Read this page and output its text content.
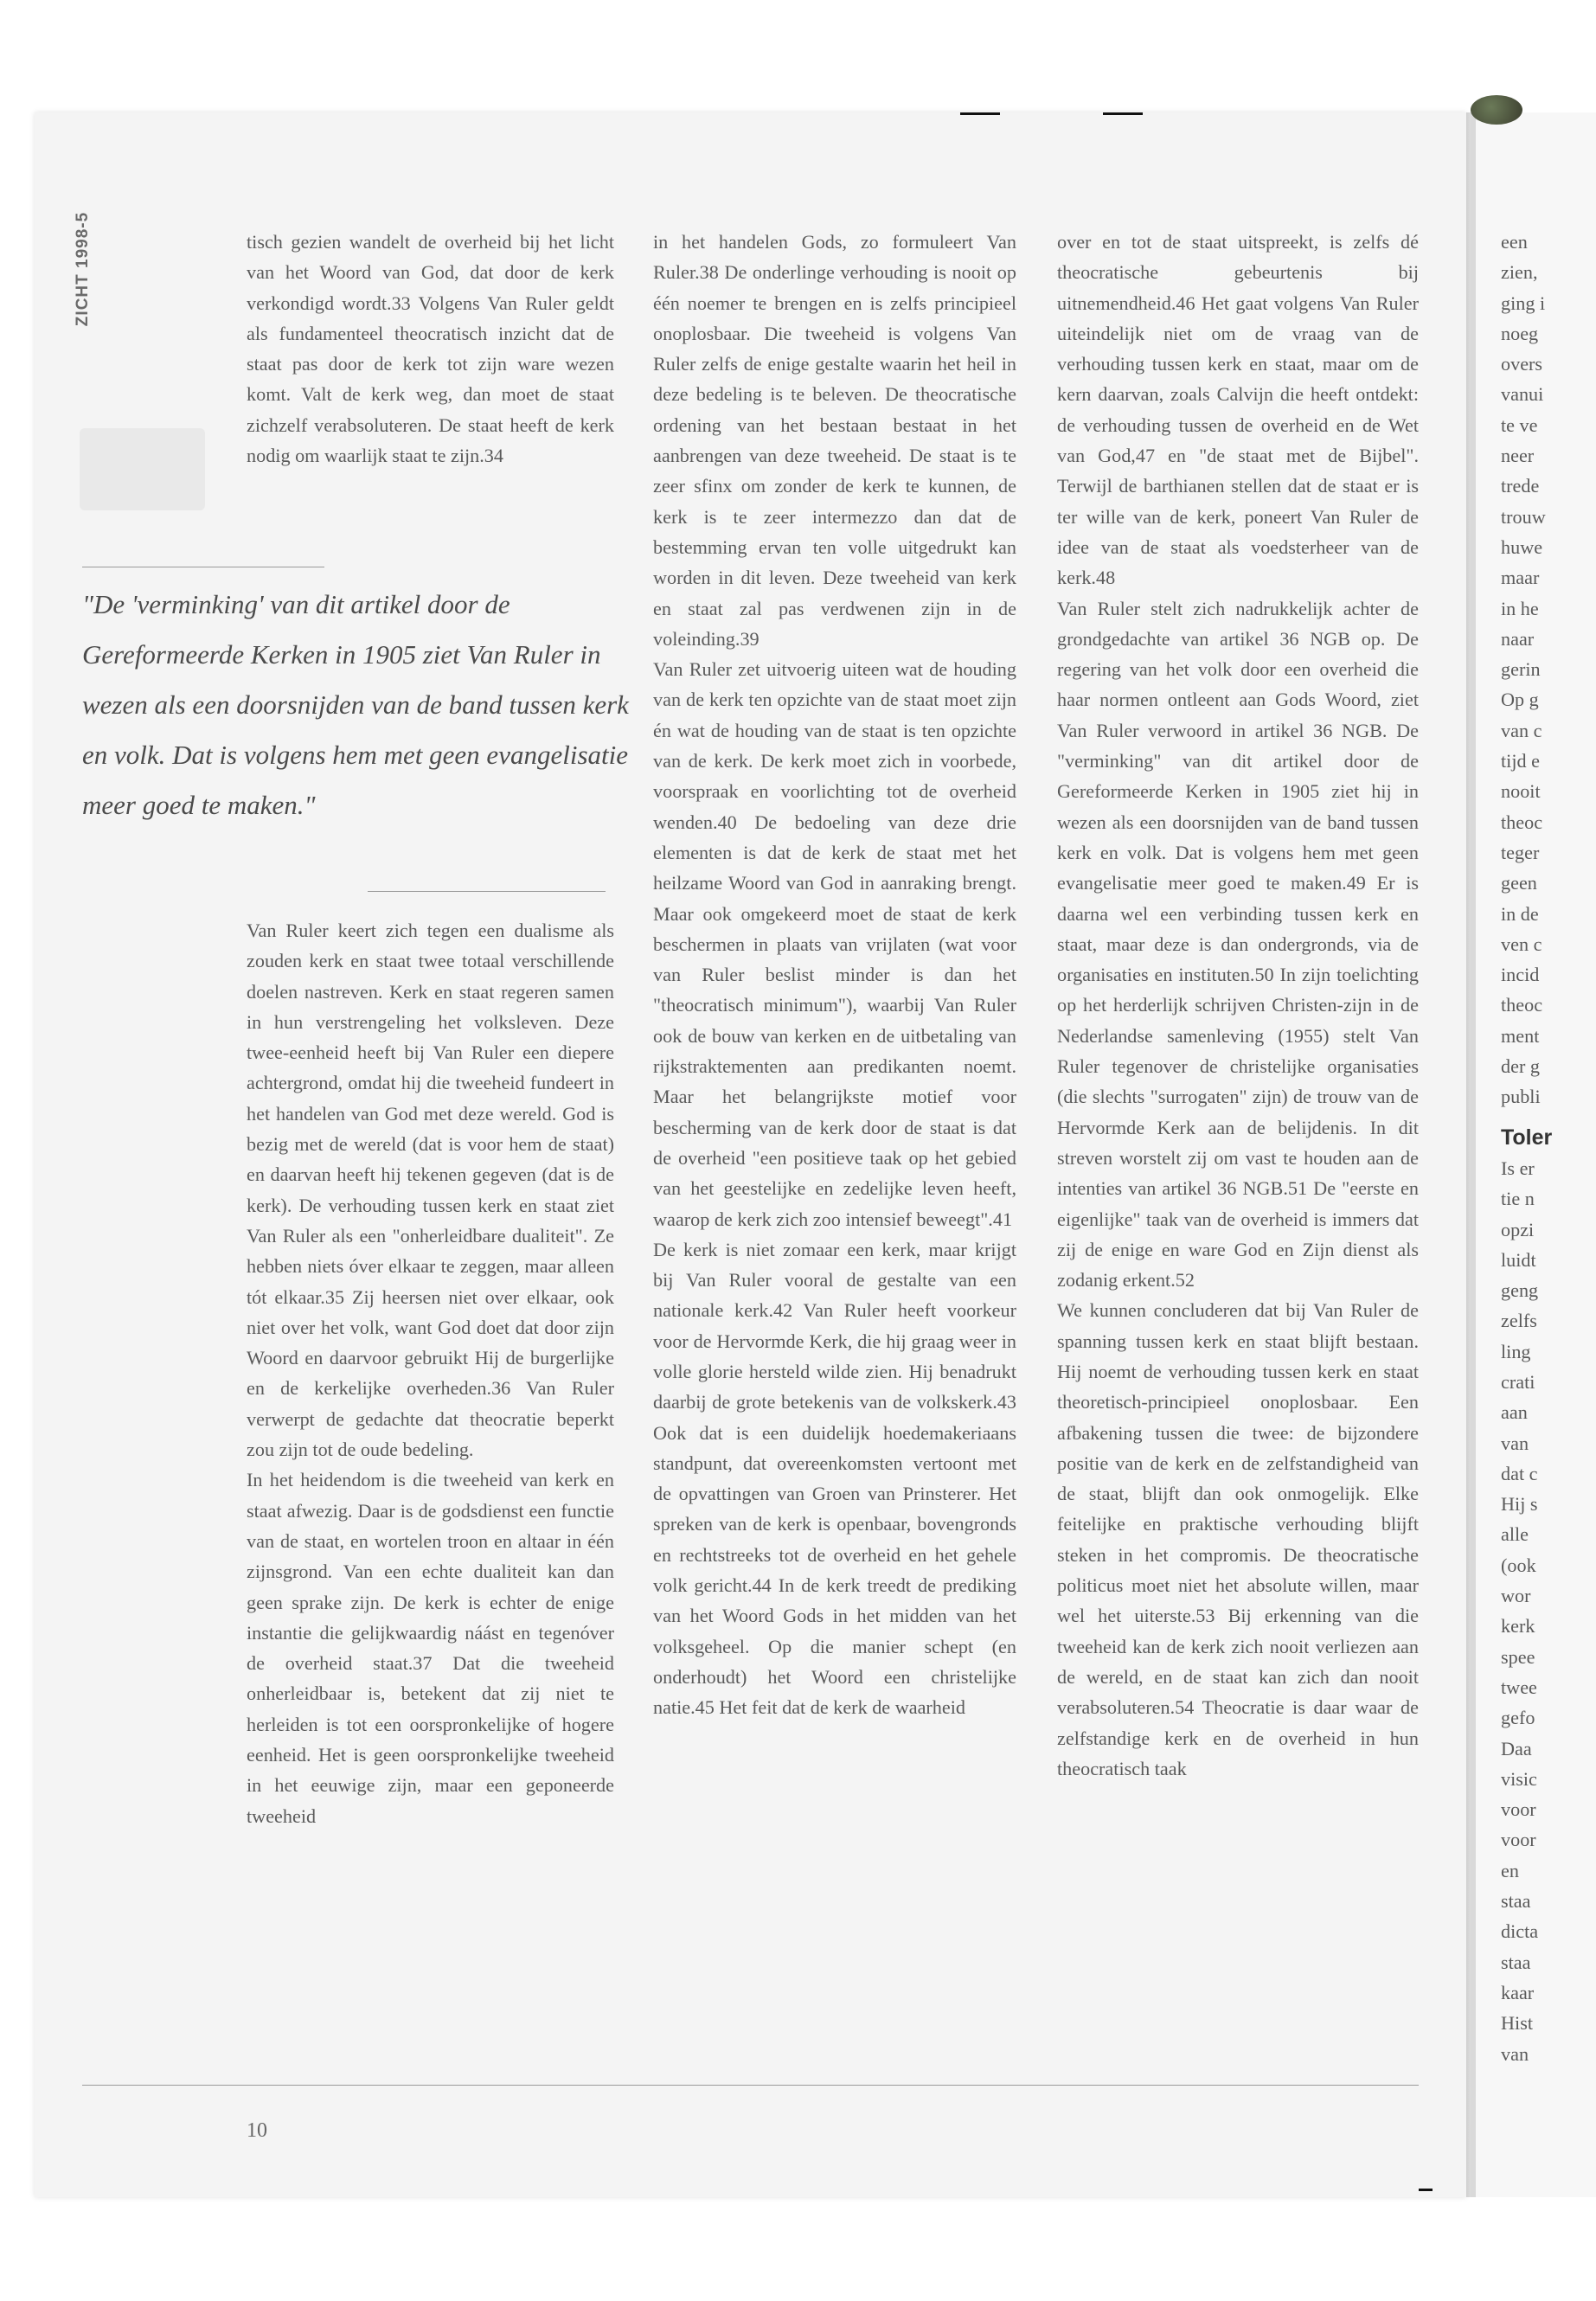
ZICHT 1998-5	tisch gezien wandelt de overheid bij het licht van het Woord van God, dat door de kerk verkondigd wordt.33 Volgens Van Ruler geldt als fundamenteel theocratisch inzicht dat de staat pas door de kerk tot zijn ware wezen komt. Valt de kerk weg, dan moet de staat zichzelf verabsoluteren. De staat heeft de kerk nodig om waarlijk staat te zijn.34

"De 'verminking' van dit artikel door de Gereformeerde Kerken in 1905 ziet Van Ruler in wezen als een doorsnijden van de band tussen kerk en volk. Dat is volgens hem met geen evangelisatie meer goed te maken."

Van Ruler keert zich tegen een dualisme als zouden kerk en staat twee totaal verschillende doelen nastreven. Kerk en staat regeren samen in hun verstrengeling het volksleven. Deze twee-eenheid heeft bij Van Ruler een diepere achtergrond, omdat hij die tweeheid fundeert in het handelen van God met deze wereld. God is bezig met de wereld (dat is voor hem de staat) en daarvan heeft hij tekenen gegeven (dat is de kerk). De verhouding tussen kerk en staat ziet Van Ruler als een "onherleidbare dualiteit". Ze hebben niets óver elkaar te zeggen, maar alleen tót elkaar.35 Zij heersen niet over elkaar, ook niet over het volk, want God doet dat door zijn Woord en daarvoor gebruikt Hij de burgerlijke en de kerkelijke overheden.36 Van Ruler verwerpt de gedachte dat theocratie beperkt zou zijn tot de oude bedeling.

In het heidendom is die tweeheid van kerk en staat afwezig. Daar is de godsdienst een functie van de staat, en wortelen troon en altaar in één zijnsgrond. Van een echte dualiteit kan dan geen sprake zijn. De kerk is echter de enige instantie die gelijkwaardig náást en tegenóver de overheid staat.37 Dat die tweeheid onherleidbaar is, betekent dat zij niet te herleiden is tot een oorspronkelijke of hogere eenheid. Het is geen oorspronkelijke tweeheid in het eeuwige zijn, maar een geponeerde tweeheid

in het handelen Gods, zo formuleert Van Ruler.38 De onderlinge verhouding is nooit op één noemer te brengen en is zelfs principieel onoplosbaar. Die tweeheid is volgens Van Ruler zelfs de enige gestalte waarin het heil in deze bedeling is te beleven. De theocratische ordening van het bestaan bestaat in het aanbrengen van deze tweeheid. De staat is te zeer sfinx om zonder de kerk te kunnen, de kerk is te zeer intermezzo dan dat de bestemming ervan ten volle uitgedrukt kan worden in dit leven. Deze tweeheid van kerk en staat zal pas verdwenen zijn in de voleinding.39

Van Ruler zet uitvoerig uiteen wat de houding van de kerk ten opzichte van de staat moet zijn én wat de houding van de staat is ten opzichte van de kerk. De kerk moet zich in voorbede, voorspraak en voorlichting tot de overheid wenden.40 De bedoeling van deze drie elementen is dat de kerk de staat met het heilzame Woord van God in aanraking brengt. Maar ook omgekeerd moet de staat de kerk beschermen in plaats van vrijlaten (wat voor van Ruler beslist minder is dan het "theocratisch minimum"), waarbij Van Ruler ook de bouw van kerken en de uitbetaling van rijkstraktementen aan predikanten noemt. Maar het belangrijkste motief voor bescherming van de kerk door de staat is dat de overheid "een positieve taak op het gebied van het geestelijke en zedelijke leven heeft, waarop de kerk zich zoo intensief beweegt".41

De kerk is niet zomaar een kerk, maar krijgt bij Van Ruler vooral de gestalte van een nationale kerk.42 Van Ruler heeft voorkeur voor de Hervormde Kerk, die hij graag weer in volle glorie hersteld wilde zien. Hij benadrukt daarbij de grote betekenis van de volkskerk.43 Ook dat is een duidelijk hoedemakeriaans standpunt, dat overeenkomsten vertoont met de opvattingen van Groen van Prinsterer. Het spreken van de kerk is openbaar, bovengronds en rechtstreeks tot de overheid en het gehele volk gericht.44 In de kerk treedt de prediking van het Woord Gods in het midden van het volksgeheel. Op die manier schept (en onderhoudt) het Woord een christelijke natie.45 Het feit dat de kerk de waarheid

over en tot de staat uitspreekt, is zelfs dé theocratische gebeurtenis bij uitnemendheid.46 Het gaat volgens Van Ruler uiteindelijk niet om de vraag van de verhouding tussen kerk en staat, maar om de kern daarvan, zoals Calvijn die heeft ontdekt: de verhouding tussen de overheid en de Wet van God,47 en "de staat met de Bijbel". Terwijl de barthianen stellen dat de staat er is ter wille van de kerk, poneert Van Ruler de idee van de staat als voedsterheer van de kerk.48

Van Ruler stelt zich nadrukkelijk achter de grondgedachte van artikel 36 NGB op. De regering van het volk door een overheid die haar normen ontleent aan Gods Woord, ziet Van Ruler verwoord in artikel 36 NGB. De "verminking" van dit artikel door de Gereformeerde Kerken in 1905 ziet hij in wezen als een doorsnijden van de band tussen kerk en volk. Dat is volgens hem met geen evangelisatie meer goed te maken.49 Er is daarna wel een verbinding tussen kerk en staat, maar deze is dan ondergronds, via de organisaties en instituten.50 In zijn toelichting op het herderlijk schrijven Christen-zijn in de Nederlandse samenleving (1955) stelt Van Ruler tegenover de christelijke organisaties (die slechts "surrogaten" zijn) de trouw van de Hervormde Kerk aan de belijdenis. In dit streven worstelt zij om vast te houden aan de intenties van artikel 36 NGB.51 De "eerste en eigenlijke" taak van de overheid is immers dat zij de enige en ware God en Zijn dienst als zodanig erkent.52

We kunnen concluderen dat bij Van Ruler de spanning tussen kerk en staat blijft bestaan. Hij noemt de verhouding tussen kerk en staat theoretisch-principieel onoplosbaar. Een afbakening tussen die twee: de bijzondere positie van de kerk en de zelfstandigheid van de staat, blijft dan ook onmogelijk. Elke feitelijke en praktische verhouding blijft steken in het compromis. De theocratische politicus moet niet het absolute willen, maar wel het uiterste.53 Bij erkenning van die tweeheid kan de kerk zich nooit verliezen aan de wereld, en de staat kan zich dan nooit verabsoluteren.54 Theocratie is daar waar de zelfstandige kerk en de overheid in hun theocratisch taak

10
een
zien,
ging i
noeg
overs
vanui
te ve
neer
trede
trouw
huwe
maar
in he
naar
gerin
Op g
van c
tijd e
nooit
theoc
teger
geen
in de
ven c
incid
theoc
ment
der g
publi
Toler
Is er
tie n
opzi
luidt
geng
zelfs
ling
crati
aan
van
dat c
Hij s
alle
(ook
wor
kerk
spee
twee
gefo
Daa
visic
voor
voor
en
staa
dicta
staa
kaar
Hist
van
